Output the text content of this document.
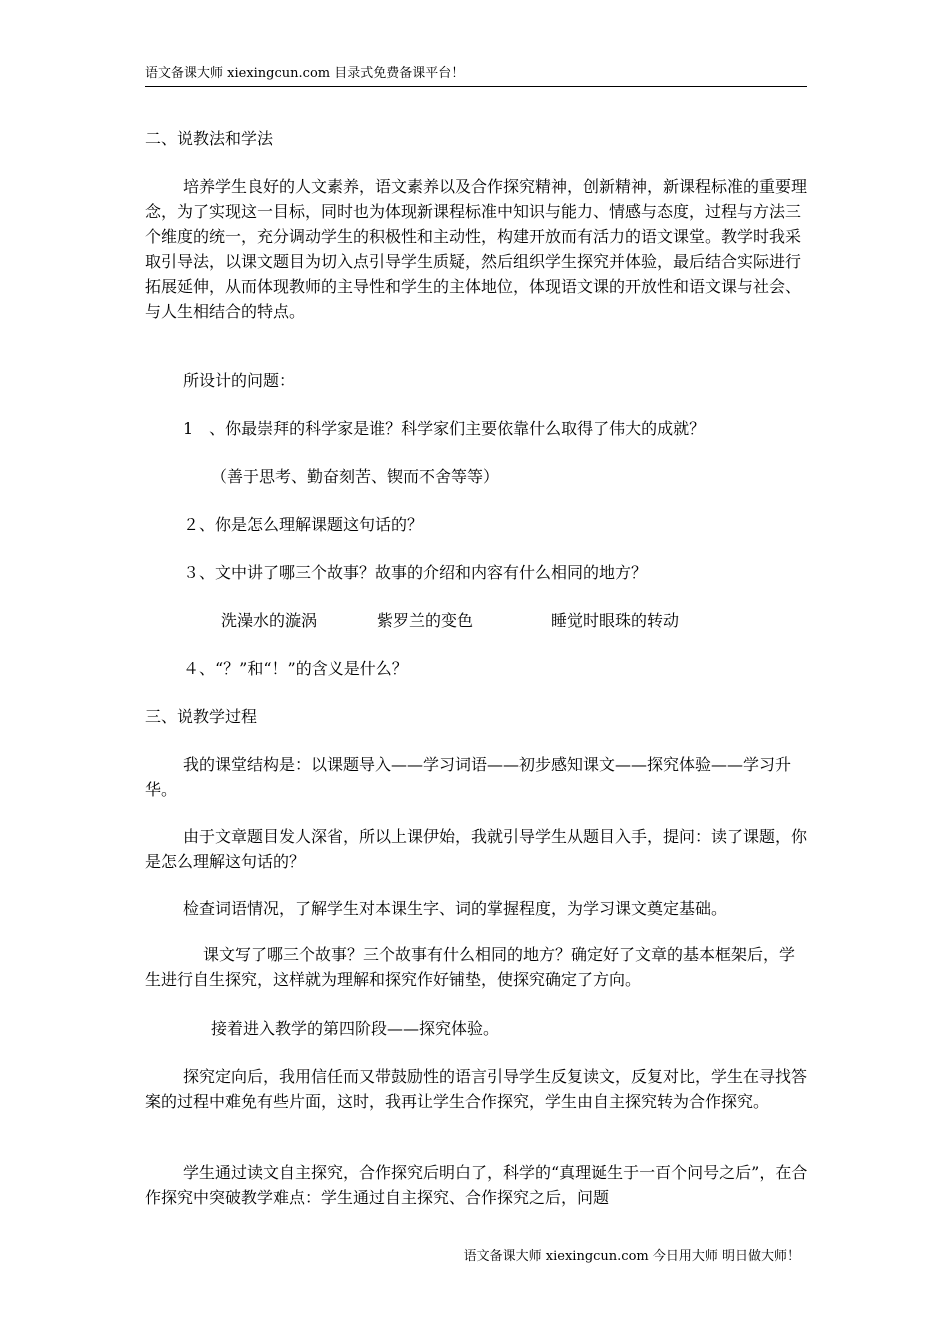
语文备课大师 xiexingcun.com 目录式免费备课平台！

二、说教法和学法

培养学生良好的人文素养，语文素养以及合作探究精神，创新精神，新课程标准的重要理念，为了实现这一目标，同时也为体现新课程标准中知识与能力、情感与态度，过程与方法三个维度的统一，充分调动学生的积极性和主动性，构建开放而有活力的语文课堂。教学时我采取引导法，以课文题目为切入点引导学生质疑，然后组织学生探究并体验，最后结合实际进行拓展延伸，从而体现教师的主导性和学生的主体地位，体现语文课的开放性和语文课与社会、与人生相结合的特点。

所设计的问题：

1　、你最崇拜的科学家是谁？科学家们主要依靠什么取得了伟大的成就？

（善于思考、勤奋刻苦、锲而不舍等等）

２、你是怎么理解课题这句话的？

３、文中讲了哪三个故事？故事的介绍和内容有什么相同的地方？

洗澡水的漩涡	紫罗兰的变色	睡觉时眼珠的转动

４、“？”和“！”的含义是什么？

三、说教学过程

我的课堂结构是：以课题导入——学习词语——初步感知课文——探究体验——学习升华。

由于文章题目发人深省，所以上课伊始，我就引导学生从题目入手，提问：读了课题，你是怎么理解这句话的？

检查词语情况，了解学生对本课生字、词的掌握程度，为学习课文奠定基础。

课文写了哪三个故事？三个故事有什么相同的地方？确定好了文章的基本框架后，学生进行自生探究，这样就为理解和探究作好铺垫，使探究确定了方向。

接着进入教学的第四阶段——探究体验。

探究定向后，我用信任而又带鼓励性的语言引导学生反复读文，反复对比，学生在寻找答案的过程中难免有些片面，这时，我再让学生合作探究，学生由自主探究转为合作探究。

学生通过读文自主探究，合作探究后明白了，科学的“真理诞生于一百个问号之后”，在合作探究中突破教学难点：学生通过自主探究、合作探究之后，问题

语文备课大师 xiexingcun.com 今日用大师 明日做大师！
